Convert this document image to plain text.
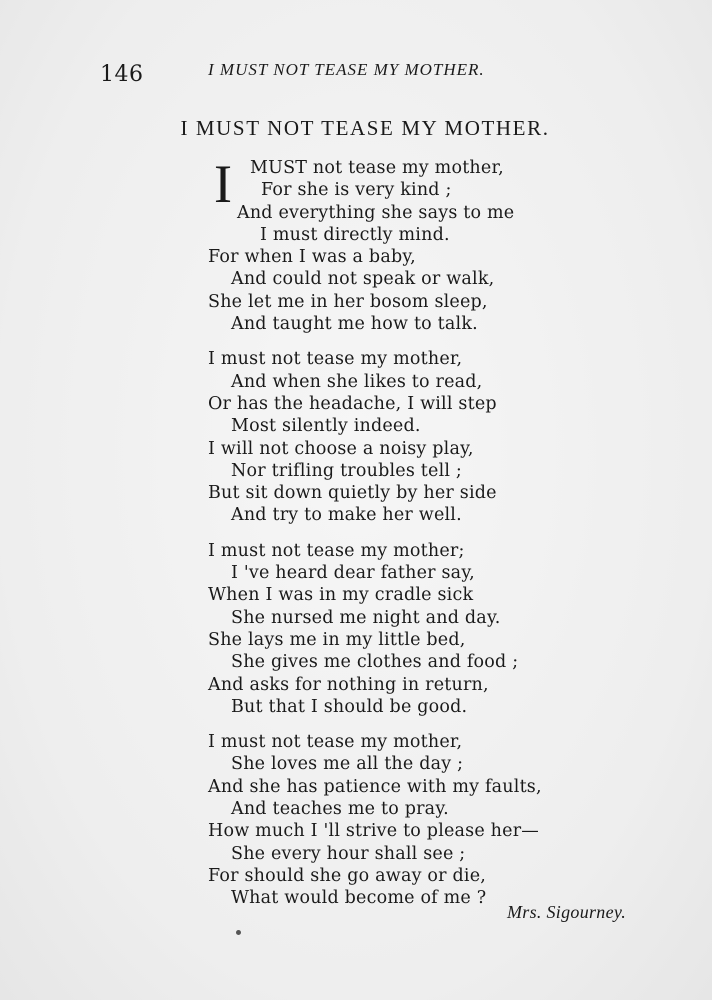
146	I MUST NOT TEASE MY MOTHER.
I MUST NOT TEASE MY MOTHER.
I	MUST not tease my mother,
For she is very kind ;
And everything she says to me
I must directly mind.
For when I was a baby,
And could not speak or walk,
She let me in her bosom sleep,
And taught me how to talk.
I must not tease my mother,
And when she likes to read,
Or has the headache, I will step
Most silently indeed.
I will not choose a noisy play,
Nor trifling troubles tell ;
But sit down quietly by her side
And try to make her well.
I must not tease my mother;
I 've heard dear father say,
When I was in my cradle sick
She nursed me night and day.
She lays me in my little bed,
She gives me clothes and food ;
And asks for nothing in return,
But that I should be good.
I must not tease my mother,
She loves me all the day ;
And she has patience with my faults,
And teaches me to pray.
How much I 'll strive to please her—
She every hour shall see ;
For should she go away or die,
What would become of me ?
Mrs. Sigourney.
